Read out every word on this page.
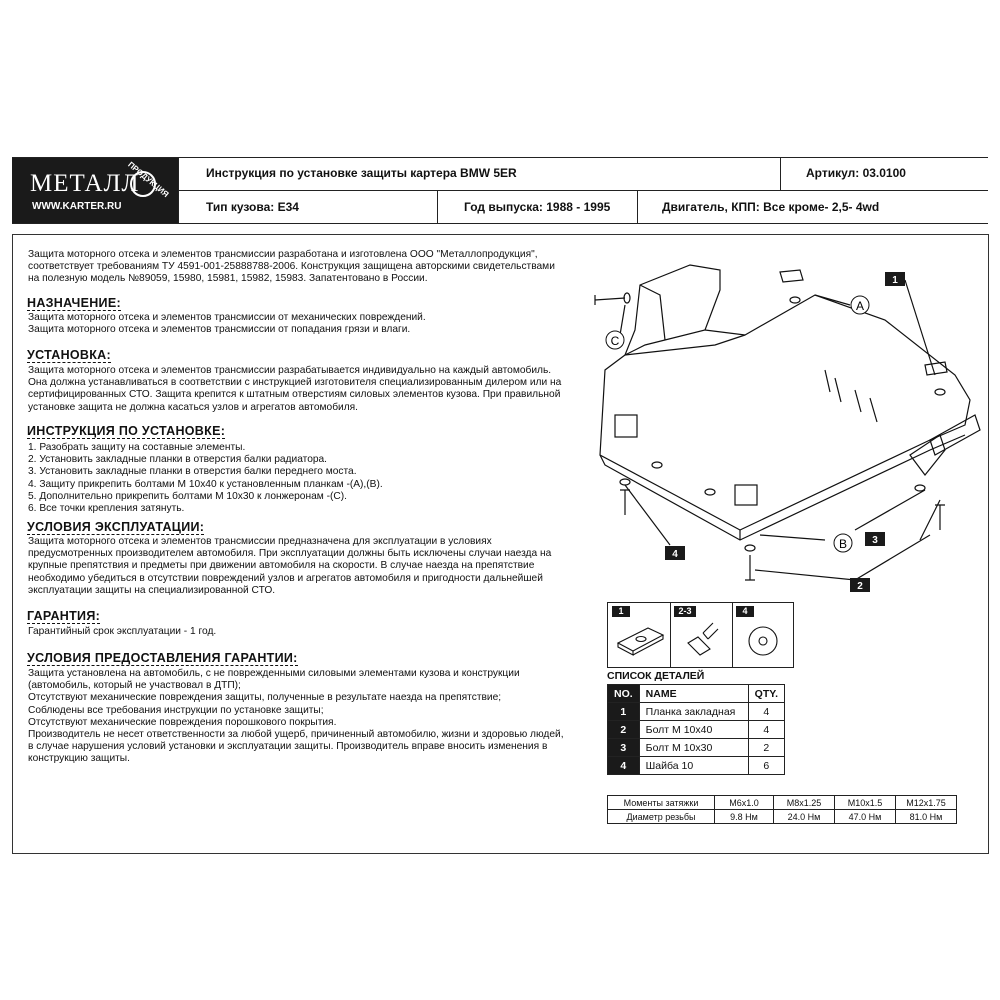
МЕТАЛЛ
ПРОДУКЦИЯ
WWW.KARTER.RU
Инструкция по установке защиты картера BMW 5ER	Артикул: 03.0100
Тип кузова: E34	Год выпуска: 1988 - 1995	Двигатель, КПП: Все кроме- 2,5- 4wd
Защита моторного отсека и элементов трансмиссии разработана и изготовлена ООО "Металлопродукция",
соответствует требованиям ТУ 4591-001-25888788-2006. Конструкция защищена авторскими свидетельствами
на полезную модель №89059, 15980, 15981, 15982, 15983. Запатентовано в России.
НАЗНАЧЕНИЕ:
Защита моторного отсека и элементов трансмиссии от механических повреждений.
Защита моторного отсека и элементов трансмиссии от попадания грязи и влаги.
УСТАНОВКА:
Защита моторного отсека и элементов трансмиссии разрабатывается индивидуально на каждый автомобиль.
Она должна устанавливаться в соответствии с инструкцией изготовителя специализированным дилером или на
сертифицированных СТО. Защита крепится к штатным отверстиям силовых элементов кузова. При правильной
установке защита не должна касаться узлов и агрегатов автомобиля.
ИНСТРУКЦИЯ ПО УСТАНОВКЕ:
1. Разобрать защиту на составные элементы.
2. Установить закладные планки в отверстия балки радиатора.
3. Установить закладные планки в отверстия балки переднего моста.
4. Защиту прикрепить болтами М 10х40 к установленным планкам -(А),(В).
5. Дополнительно прикрепить болтами М 10х30 к лонжеронам -(С).
6. Все точки крепления затянуть.
УСЛОВИЯ ЭКСПЛУАТАЦИИ:
Защита моторного отсека и элементов трансмиссии предназначена для эксплуатации в условиях
предусмотренных производителем автомобиля. При эксплуатации должны быть исключены случаи наезда на
крупные препятствия и предметы при движении автомобиля на скорости. В случае наезда на препятствие
необходимо убедиться в отсутствии повреждений узлов и агрегатов автомобиля и пригодности дальнейшей
эксплуатации защиты на специализированной СТО.
ГАРАНТИЯ:
Гарантийный срок эксплуатации - 1 год.
УСЛОВИЯ ПРЕДОСТАВЛЕНИЯ ГАРАНТИИ:
Защита установлена на автомобиль, с не поврежденными силовыми элементами кузова и конструкции
(автомобиль, который не участвовал в ДТП);
Отсутствуют механические повреждения защиты, полученные в результате наезда на препятствие;
Соблюдены все требования инструкции по установке защиты;
Отсутствуют механические повреждения порошкового покрытия.
Производитель не несет ответственности за любой ущерб, причиненный автомобилю, жизни и здоровью людей,
в случае нарушения условий установки и эксплуатации защиты. Производитель вправе вносить изменения в
конструкцию защиты.
1
2
3
4
A
B
C
1	2-3	4
СПИСОК ДЕТАЛЕЙ
NO.	NAME	QTY.
1	Планка закладная	4
2	Болт М 10х40	4
3	Болт М 10х30	2
4	Шайба 10	6
Моменты затяжки	М6х1.0	М8х1.25	М10х1.5	М12х1.75
Диаметр резьбы	9.8 Нм	24.0 Нм	47.0 Нм	81.0 Нм
